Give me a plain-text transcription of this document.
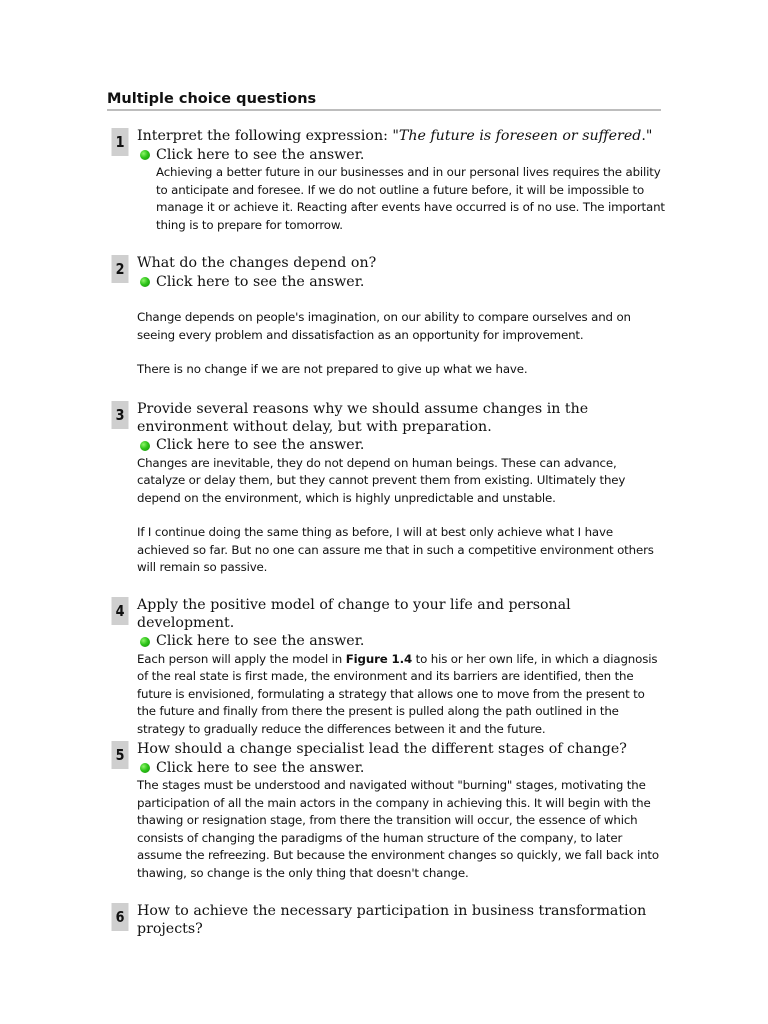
Multiple choice questions
1 Interpret the following expression: "The future is foreseen or suffered."
Click here to see the answer.

Achieving a better future in our businesses and in our personal lives requires the ability to anticipate and foresee. If we do not outline a future before, it will be impossible to manage it or achieve it. Reacting after events have occurred is of no use. The important thing is to prepare for tomorrow.

2 What do the changes depend on?
Click here to see the answer.

Change depends on people's imagination, on our ability to compare ourselves and on seeing every problem and dissatisfaction as an opportunity for improvement.

There is no change if we are not prepared to give up what we have.

3 Provide several reasons why we should assume changes in the environment without delay, but with preparation.
Click here to see the answer.

Changes are inevitable, they do not depend on human beings. These can advance, catalyze or delay them, but they cannot prevent them from existing. Ultimately they depend on the environment, which is highly unpredictable and unstable.

If I continue doing the same thing as before, I will at best only achieve what I have achieved so far. But no one can assure me that in such a competitive environment others will remain so passive.

4 Apply the positive model of change to your life and personal development.
Click here to see the answer.

Each person will apply the model in Figure 1.4 to his or her own life, in which a diagnosis of the real state is first made, the environment and its barriers are identified, then the future is envisioned, formulating a strategy that allows one to move from the present to the future and finally from there the present is pulled along the path outlined in the strategy to gradually reduce the differences between it and the future.

5 How should a change specialist lead the different stages of change?
Click here to see the answer.

The stages must be understood and navigated without "burning" stages, motivating the participation of all the main actors in the company in achieving this. It will begin with the thawing or resignation stage, from there the transition will occur, the essence of which consists of changing the paradigms of the human structure of the company, to later assume the refreezing. But because the environment changes so quickly, we fall back into thawing, so change is the only thing that doesn't change.

6 How to achieve the necessary participation in business transformation projects?
